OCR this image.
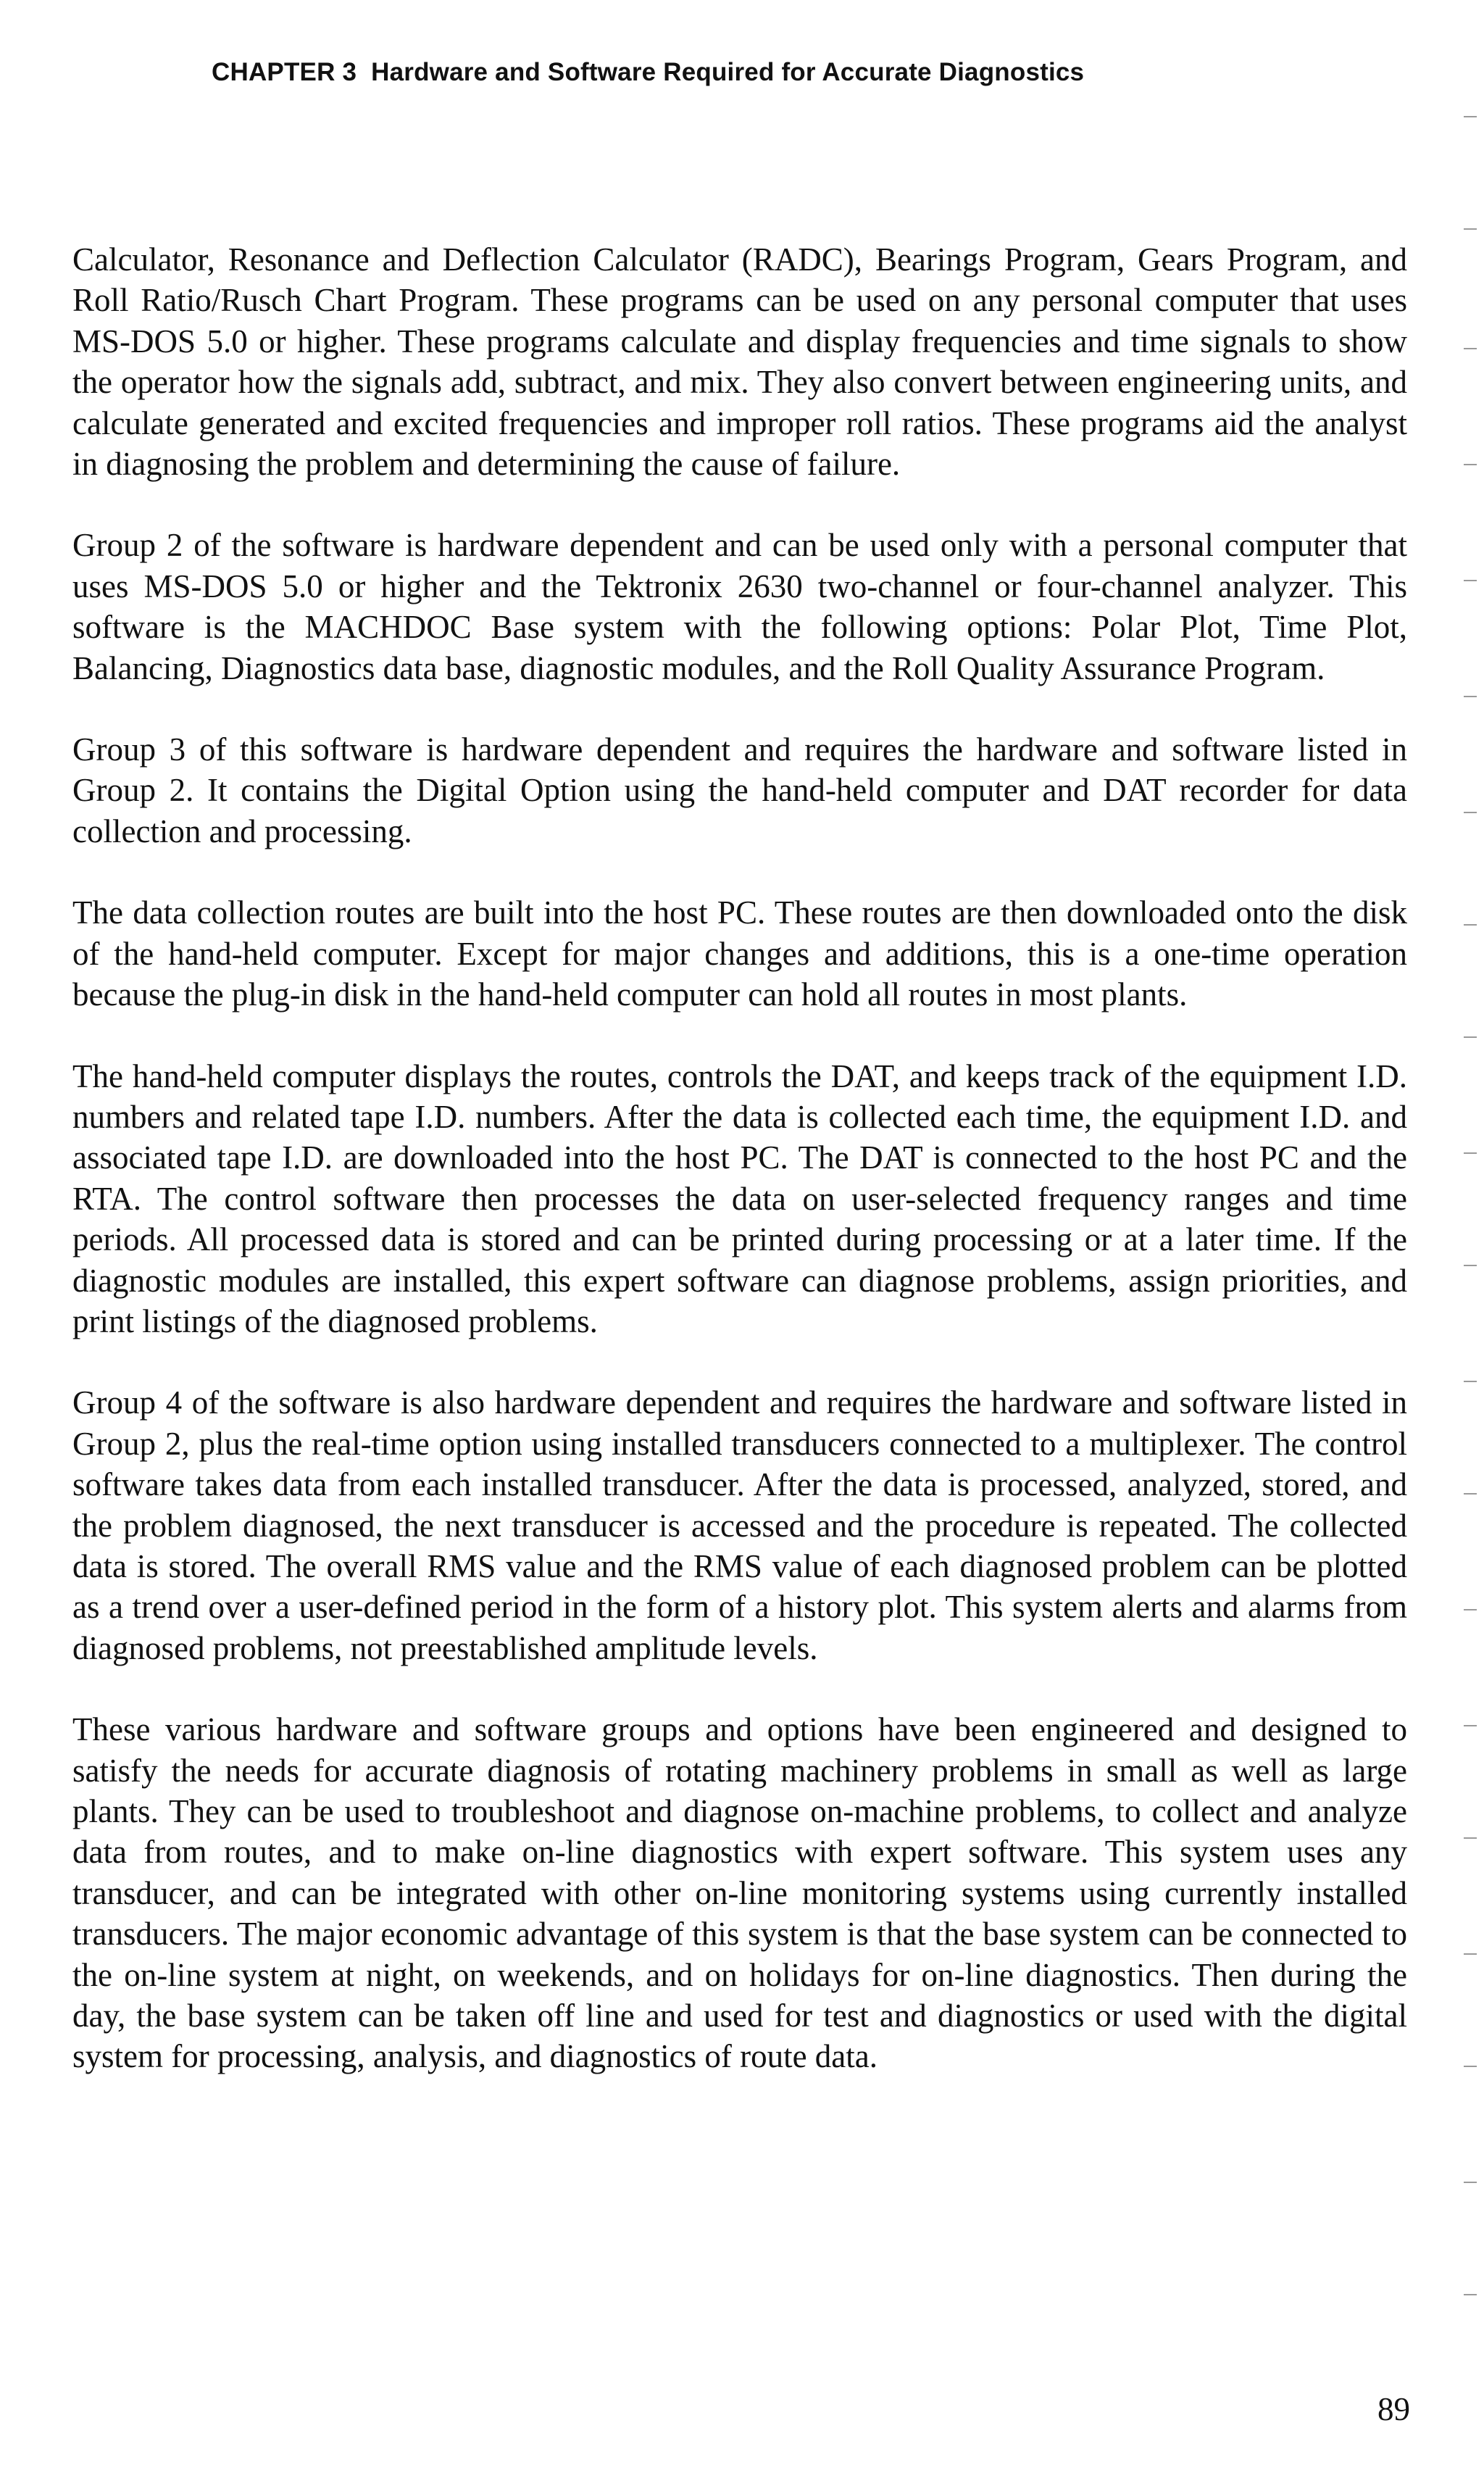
CHAPTER 3 Hardware and Software Required for Accurate Diagnostics

Calculator, Resonance and Deflection Calculator (RADC), Bearings Program, Gears Program, and Roll Ratio/Rusch Chart Program. These programs can be used on any personal computer that uses MS-DOS 5.0 or higher. These programs calculate and display frequencies and time signals to show the operator how the signals add, subtract, and mix. They also convert between engineering units, and calculate generated and excited frequencies and improper roll ratios. These programs aid the analyst in diagnosing the problem and determining the cause of failure.

Group 2 of the software is hardware dependent and can be used only with a personal computer that uses MS-DOS 5.0 or higher and the Tektronix 2630 two-channel or four-channel analyzer. This software is the MACHDOC Base system with the following options: Polar Plot, Time Plot, Balancing, Diagnostics data base, diagnostic modules, and the Roll Quality Assurance Program.

Group 3 of this software is hardware dependent and requires the hardware and software listed in Group 2. It contains the Digital Option using the hand-held computer and DAT recorder for data collection and processing.

The data collection routes are built into the host PC. These routes are then downloaded onto the disk of the hand-held computer. Except for major changes and additions, this is a one-time operation because the plug-in disk in the hand-held computer can hold all routes in most plants.

The hand-held computer displays the routes, controls the DAT, and keeps track of the equipment I.D. numbers and related tape I.D. numbers. After the data is collected each time, the equipment I.D. and associated tape I.D. are downloaded into the host PC. The DAT is connected to the host PC and the RTA. The control software then processes the data on user-selected frequency ranges and time periods. All processed data is stored and can be printed during processing or at a later time. If the diagnostic modules are installed, this expert software can diagnose problems, assign priorities, and print listings of the diagnosed problems.

Group 4 of the software is also hardware dependent and requires the hardware and software listed in Group 2, plus the real-time option using installed transducers connected to a multiplexer. The control software takes data from each installed transducer. After the data is processed, analyzed, stored, and the problem diagnosed, the next transducer is accessed and the procedure is repeated. The collected data is stored. The overall RMS value and the RMS value of each diagnosed problem can be plotted as a trend over a user-defined period in the form of a history plot. This system alerts and alarms from diagnosed problems, not preestablished amplitude levels.

These various hardware and software groups and options have been engineered and designed to satisfy the needs for accurate diagnosis of rotating machinery problems in small as well as large plants. They can be used to troubleshoot and diagnose on-machine problems, to collect and analyze data from routes, and to make on-line diagnostics with expert software. This system uses any transducer, and can be integrated with other on-line monitoring systems using currently installed transducers. The major economic advantage of this system is that the base system can be connected to the on-line system at night, on weekends, and on holidays for on-line diagnostics. Then during the day, the base system can be taken off line and used for test and diagnostics or used with the digital system for processing, analysis, and diagnostics of route data.

89
